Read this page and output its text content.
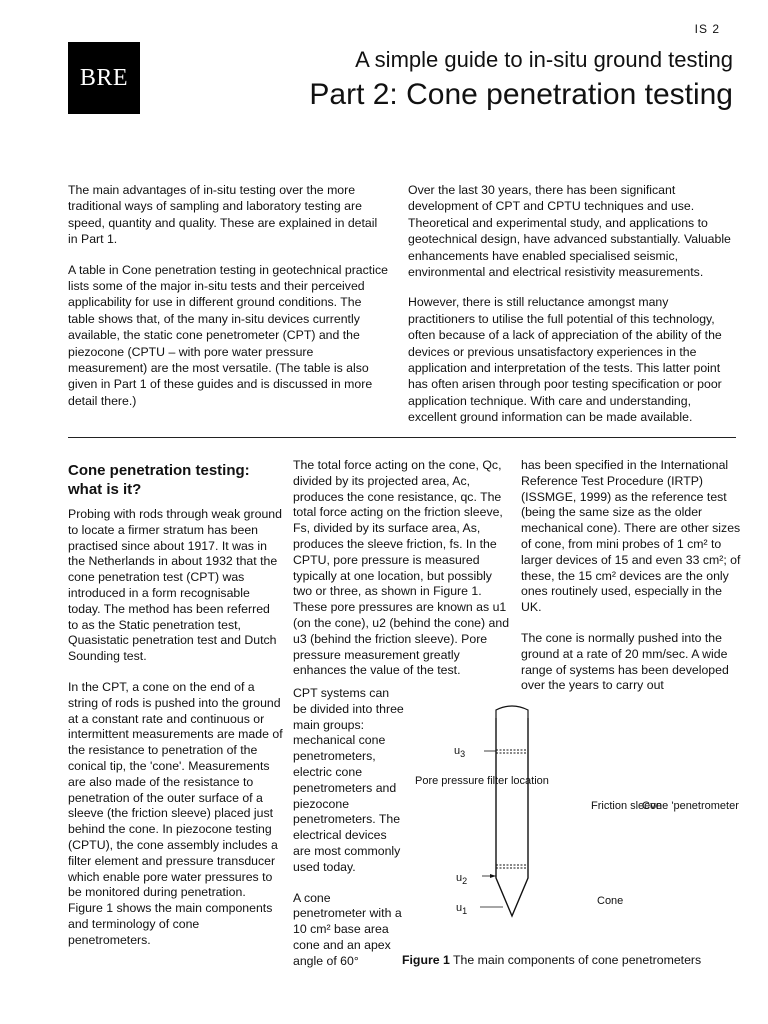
IS 2
BRE
A simple guide to in-situ ground testing
Part 2: Cone penetration testing

The main advantages of in-situ testing over the more traditional ways of sampling and laboratory testing are speed, quantity and quality. These are explained in detail in Part 1.

A table in Cone penetration testing in geotechnical practice lists some of the major in-situ tests and their perceived applicability for use in different ground conditions. The table shows that, of the many in-situ devices currently available, the static cone penetrometer (CPT) and the piezocone (CPTU – with pore water pressure measurement) are the most versatile. (The table is also given in Part 1 of these guides and is discussed in more detail there.)

Over the last 30 years, there has been significant development of CPT and CPTU techniques and use. Theoretical and experimental study, and applications to geotechnical design, have advanced substantially. Valuable enhancements have enabled specialised seismic, environmental and electrical resistivity measurements.

However, there is still reluctance amongst many practitioners to utilise the full potential of this technology, often because of a lack of appreciation of the ability of the devices or previous unsatisfactory experiences in the application and interpretation of the tests. This latter point has often arisen through poor testing specification or poor application technique. With care and understanding, excellent ground information can be made available.

Cone penetration testing: what is it?

Probing with rods through weak ground to locate a firmer stratum has been practised since about 1917. It was in the Netherlands in about 1932 that the cone penetration test (CPT) was introduced in a form recognisable today. The method has been referred to as the Static penetration test, Quasistatic penetration test and Dutch Sounding test.

In the CPT, a cone on the end of a string of rods is pushed into the ground at a constant rate and continuous or intermittent measurements are made of the resistance to penetration of the conical tip, the 'cone'. Measurements are also made of the resistance to penetration of the outer surface of a sleeve (the friction sleeve) placed just behind the cone. In piezocone testing (CPTU), the cone assembly includes a filter element and pressure transducer which enable pore water pressures to be monitored during penetration. Figure 1 shows the main components and terminology of cone penetrometers.

The total force acting on the cone, Qc, divided by its projected area, Ac, produces the cone resistance, qc. The total force acting on the friction sleeve, Fs, divided by its surface area, As, produces the sleeve friction, fs. In the CPTU, pore pressure is measured typically at one location, but possibly two or three, as shown in Figure 1. These pore pressures are known as u1 (on the cone), u2 (behind the cone) and u3 (behind the friction sleeve). Pore pressure measurement greatly enhances the value of the test.

CPT systems can be divided into three main groups: mechanical cone penetrometers, electric cone penetrometers and piezocone penetrometers. The electrical devices are most commonly used today.

A cone penetrometer with a 10 cm² base area cone and an apex angle of 60°

has been specified in the International Reference Test Procedure (IRTP) (ISSMGE, 1999) as the reference test (being the same size as the older mechanical cone). There are other sizes of cone, from mini probes of 1 cm² to larger devices of 15 and even 33 cm²; of these, the 15 cm² devices are the only ones routinely used, especially in the UK.

The cone is normally pushed into the ground at a rate of 20 mm/sec. A wide range of systems has been developed over the years to carry out

$u_3$
Pore pressure filter location
Friction sleeve
Cone 'penetrometer
$u_2$
$u_1$
Cone
Figure 1 The main components of cone penetrometers
